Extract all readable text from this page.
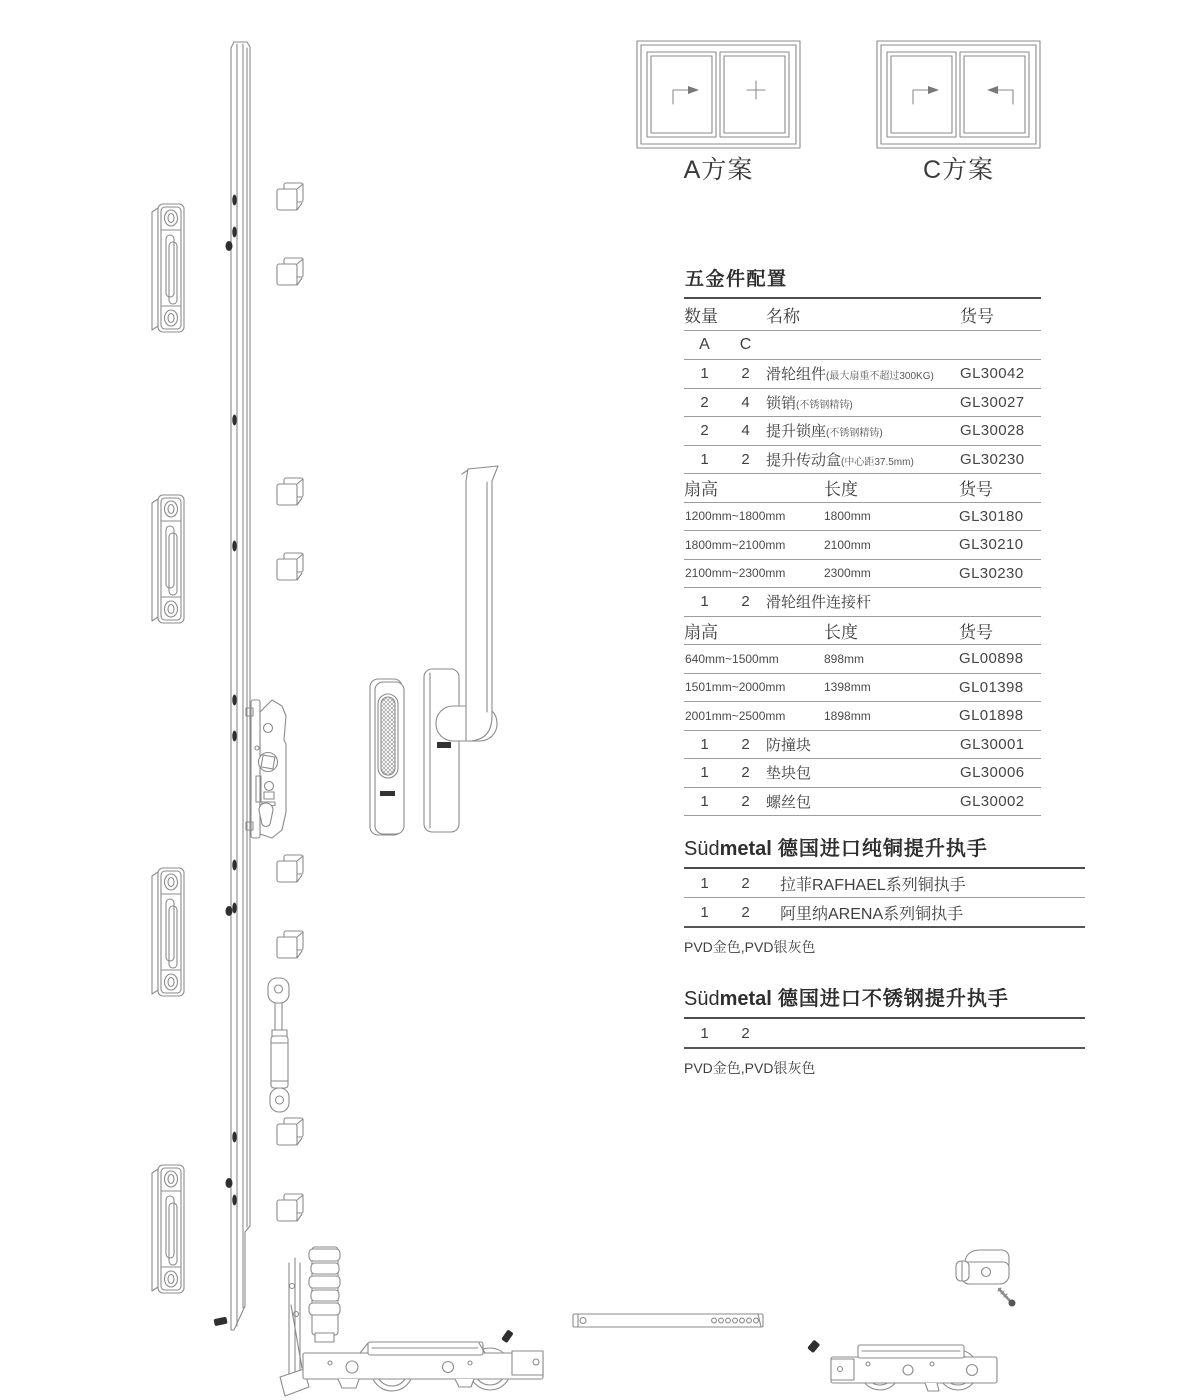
A方案	C方案
五金件配置
数量	名称	货号
A	C
1	2	滑轮组件(最大扇重不超过300KG)	GL30042
2	4	锁销(不锈钢精铸)	GL30027
2	4	提升锁座(不锈钢精铸)	GL30028
1	2	提升传动盒(中心距37.5mm)	GL30230
扇高	长度	货号
1200mm~1800mm	1800mm	GL30180
1800mm~2100mm	2100mm	GL30210
2100mm~2300mm	2300mm	GL30230
1	2	滑轮组件连接杆
扇高	长度	货号
640mm~1500mm	898mm	GL00898
1501mm~2000mm	1398mm	GL01398
2001mm~2500mm	1898mm	GL01898
1	2	防撞块	GL30001
1	2	垫块包	GL30006
1	2	螺丝包	GL30002
Südmetal 德国进口纯铜提升执手
1	2	拉菲RAFHAEL系列铜执手
1	2	阿里纳ARENA系列铜执手
PVD金色,PVD银灰色
Südmetal 德国进口不锈钢提升执手
1	2
PVD金色,PVD银灰色
